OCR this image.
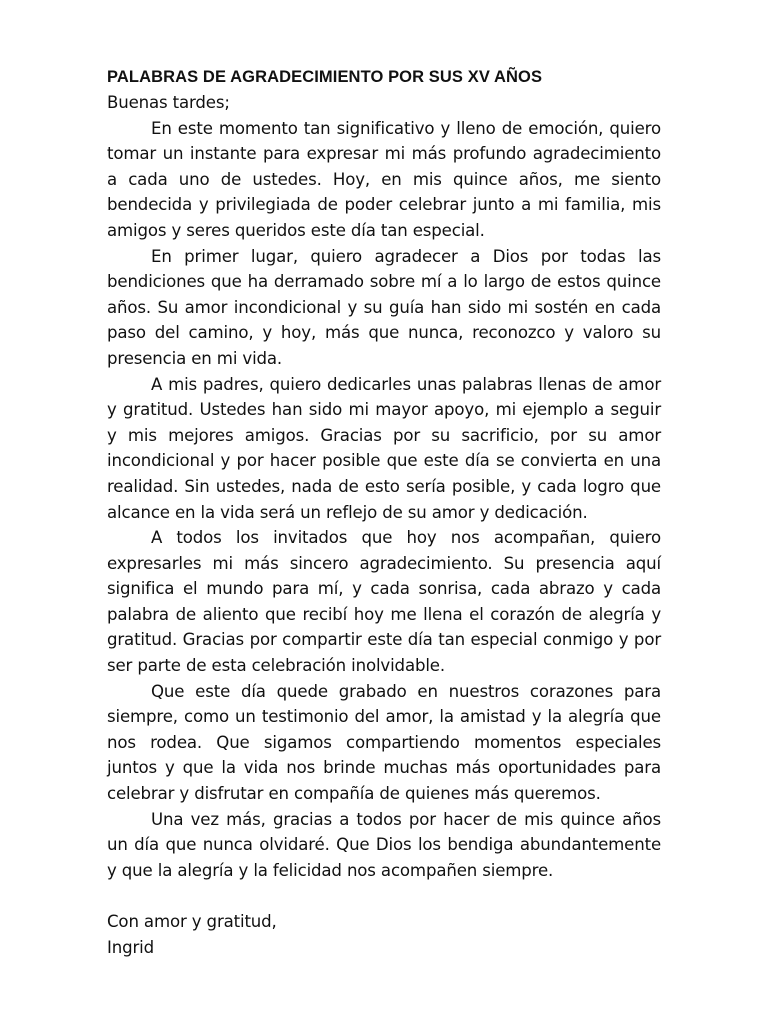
PALABRAS DE AGRADECIMIENTO POR SUS XV AÑOS

Buenas tardes;

En este momento tan significativo y lleno de emoción, quiero tomar un instante para expresar mi más profundo agradecimiento a cada uno de ustedes. Hoy, en mis quince años, me siento bendecida y privilegiada de poder celebrar junto a mi familia, mis amigos y seres queridos este día tan especial.

En primer lugar, quiero agradecer a Dios por todas las bendiciones que ha derramado sobre mí a lo largo de estos quince años. Su amor incondicional y su guía han sido mi sostén en cada paso del camino, y hoy, más que nunca, reconozco y valoro su presencia en mi vida.

A mis padres, quiero dedicarles unas palabras llenas de amor y gratitud. Ustedes han sido mi mayor apoyo, mi ejemplo a seguir y mis mejores amigos. Gracias por su sacrificio, por su amor incondicional y por hacer posible que este día se convierta en una realidad. Sin ustedes, nada de esto sería posible, y cada logro que alcance en la vida será un reflejo de su amor y dedicación.

A todos los invitados que hoy nos acompañan, quiero expresarles mi más sincero agradecimiento. Su presencia aquí significa el mundo para mí, y cada sonrisa, cada abrazo y cada palabra de aliento que recibí hoy me llena el corazón de alegría y gratitud. Gracias por compartir este día tan especial conmigo y por ser parte de esta celebración inolvidable.

Que este día quede grabado en nuestros corazones para siempre, como un testimonio del amor, la amistad y la alegría que nos rodea. Que sigamos compartiendo momentos especiales juntos y que la vida nos brinde muchas más oportunidades para celebrar y disfrutar en compañía de quienes más queremos.

Una vez más, gracias a todos por hacer de mis quince años un día que nunca olvidaré. Que Dios los bendiga abundantemente y que la alegría y la felicidad nos acompañen siempre.

Con amor y gratitud,

Ingrid
